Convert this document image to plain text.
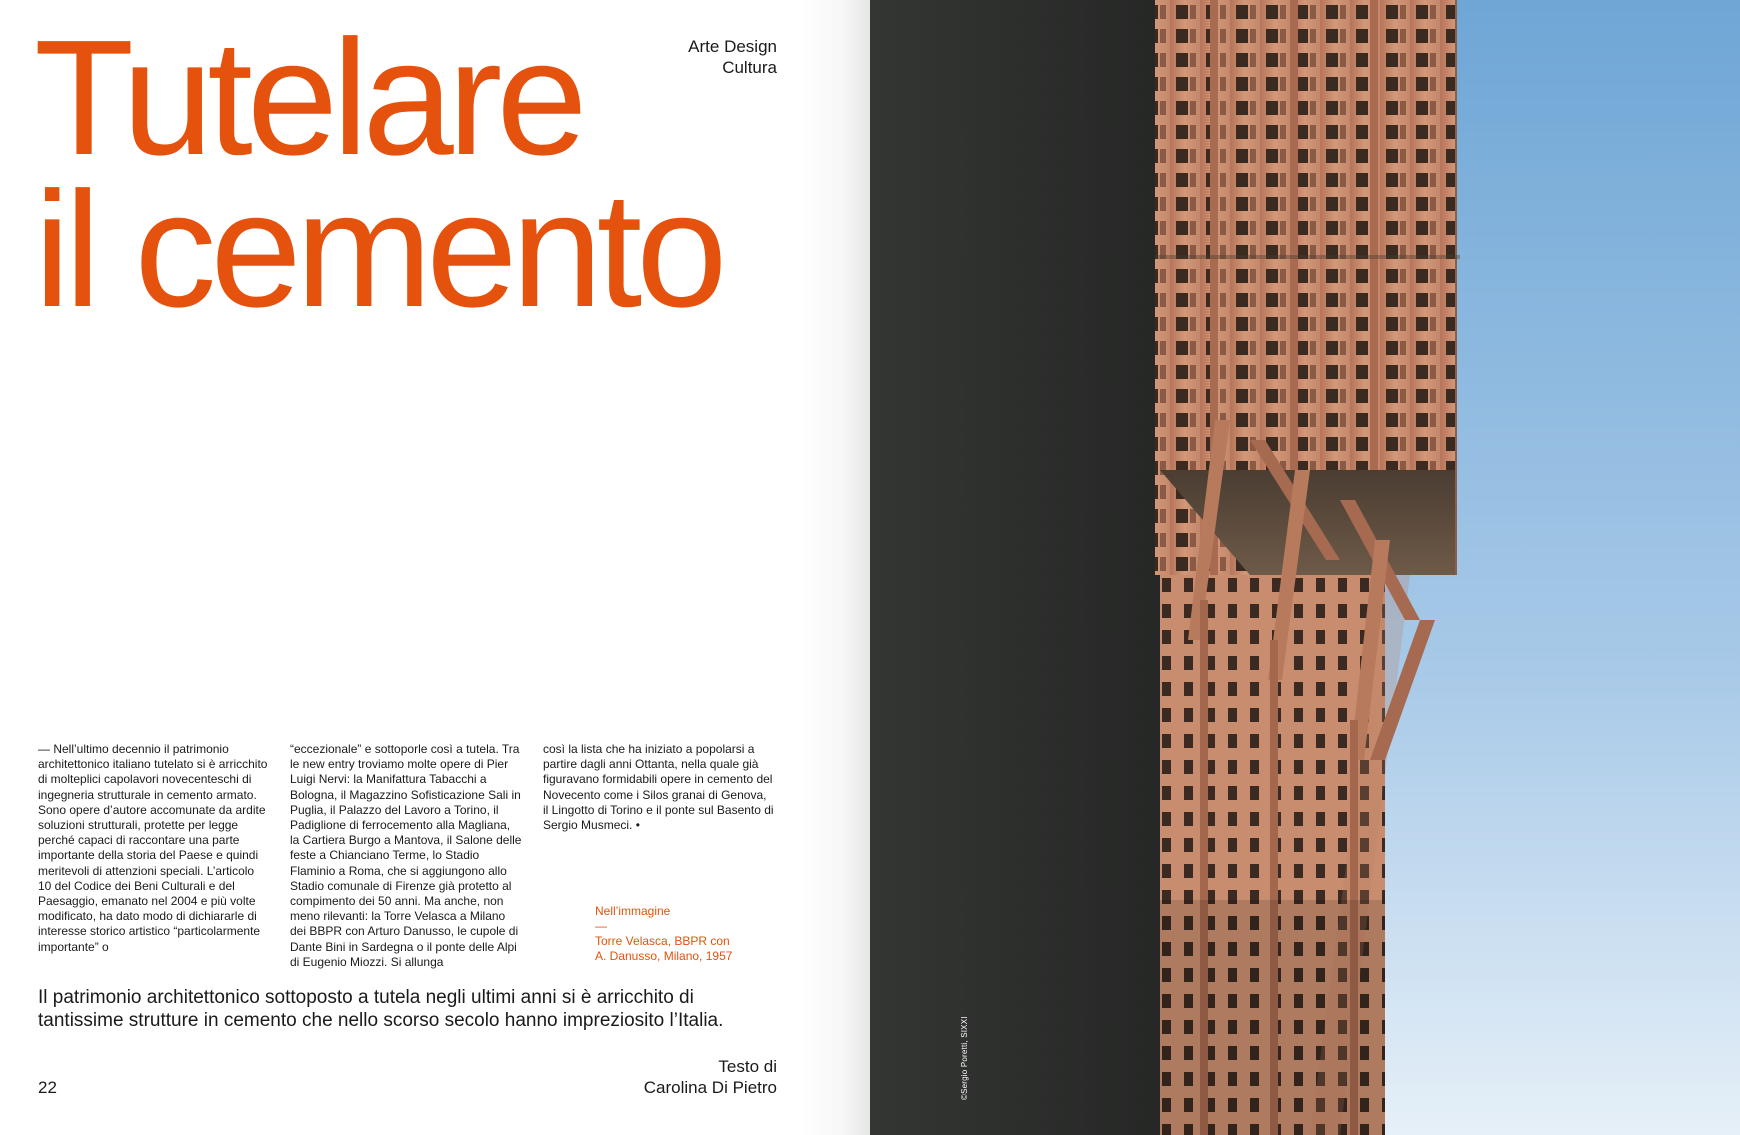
Tutelare
il cemento
Arte Design
Cultura

— Nell’ultimo decennio il patrimonio architettonico italiano tutelato si è arricchito di molteplici capolavori novecenteschi di ingegneria strutturale in cemento armato. Sono opere d’autore accomunate da ardite soluzioni strutturali, protette per legge perché capaci di raccontare una parte importante della storia del Paese e quindi meritevoli di attenzioni speciali. L’articolo 10 del Codice dei Beni Culturali e del Paesaggio, emanato nel 2004 e più volte modificato, ha dato modo di dichiararle di interesse storico artistico “particolarmente importante” o

“eccezionale” e sottoporle così a tutela. Tra le new entry troviamo molte opere di Pier Luigi Nervi: la Manifattura Tabacchi a Bologna, il Magazzino Sofisticazione Sali in Puglia, il Palazzo del Lavoro a Torino, il Padiglione di ferrocemento alla Magliana, la Cartiera Burgo a Mantova, il Salone delle feste a Chianciano Terme, lo Stadio Flaminio a Roma, che si aggiungono allo Stadio comunale di Firenze già protetto al compimento dei 50 anni. Ma anche, non meno rilevanti: la Torre Velasca a Milano dei BBPR con Arturo Danusso, le cupole di Dante Bini in Sardegna o il ponte delle Alpi di Eugenio Miozzi. Si allunga

così la lista che ha iniziato a popolarsi a partire dagli anni Ottanta, nella quale già figuravano formidabili opere in cemento del Novecento come i Silos granai di Genova, il Lingotto di Torino e il ponte sul Basento di Sergio Musmeci. •

Nell’immagine
—
Torre Velasca, BBPR con
A. Danusso, Milano, 1957

Il patrimonio architettonico sottoposto a tutela negli ultimi anni si è arricchito di tantissime strutture in cemento che nello scorso secolo hanno impreziosito l’Italia.

22
Testo di
Carolina Di Pietro	©Sergio Poretti, SIXXI
